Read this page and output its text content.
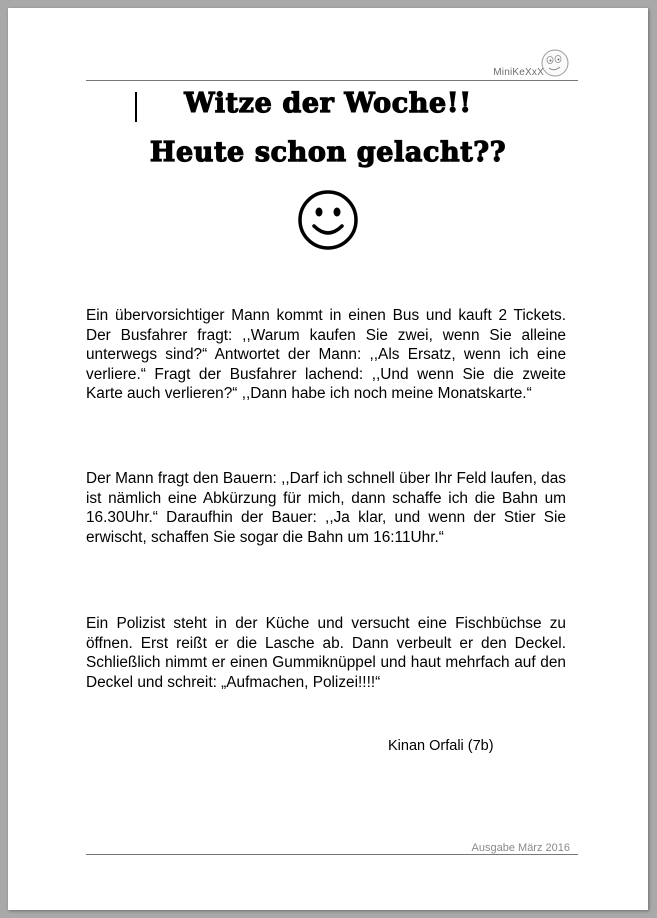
MiniKeXxX
Witze der Woche!!
Heute schon gelacht??

Ein übervorsichtiger Mann kommt in einen Bus und kauft 2 Tickets. Der Busfahrer fragt: ,,Warum kaufen Sie zwei, wenn Sie alleine unterwegs sind?“ Antwortet der Mann: ,,Als Ersatz, wenn ich eine verliere.“ Fragt der Busfahrer lachend: ,,Und wenn Sie die zweite Karte auch verlieren?“ ,,Dann habe ich noch meine Monatskarte.“

Der Mann fragt den Bauern: ,,Darf ich schnell über Ihr Feld laufen, das ist nämlich eine Abkürzung für mich, dann schaffe ich die Bahn um 16.30Uhr.“ Daraufhin der Bauer: ,,Ja klar, und wenn der Stier Sie erwischt, schaffen Sie sogar die Bahn um 16:11Uhr.“

Ein Polizist steht in der Küche und versucht eine Fischbüchse zu öffnen. Erst reißt er die Lasche ab. Dann verbeult er den Deckel. Schließlich nimmt er einen Gummiknüppel und haut mehrfach auf den Deckel und schreit: „Aufmachen, Polizei!!!!“

Kinan Orfali (7b)
Ausgabe März 2016
